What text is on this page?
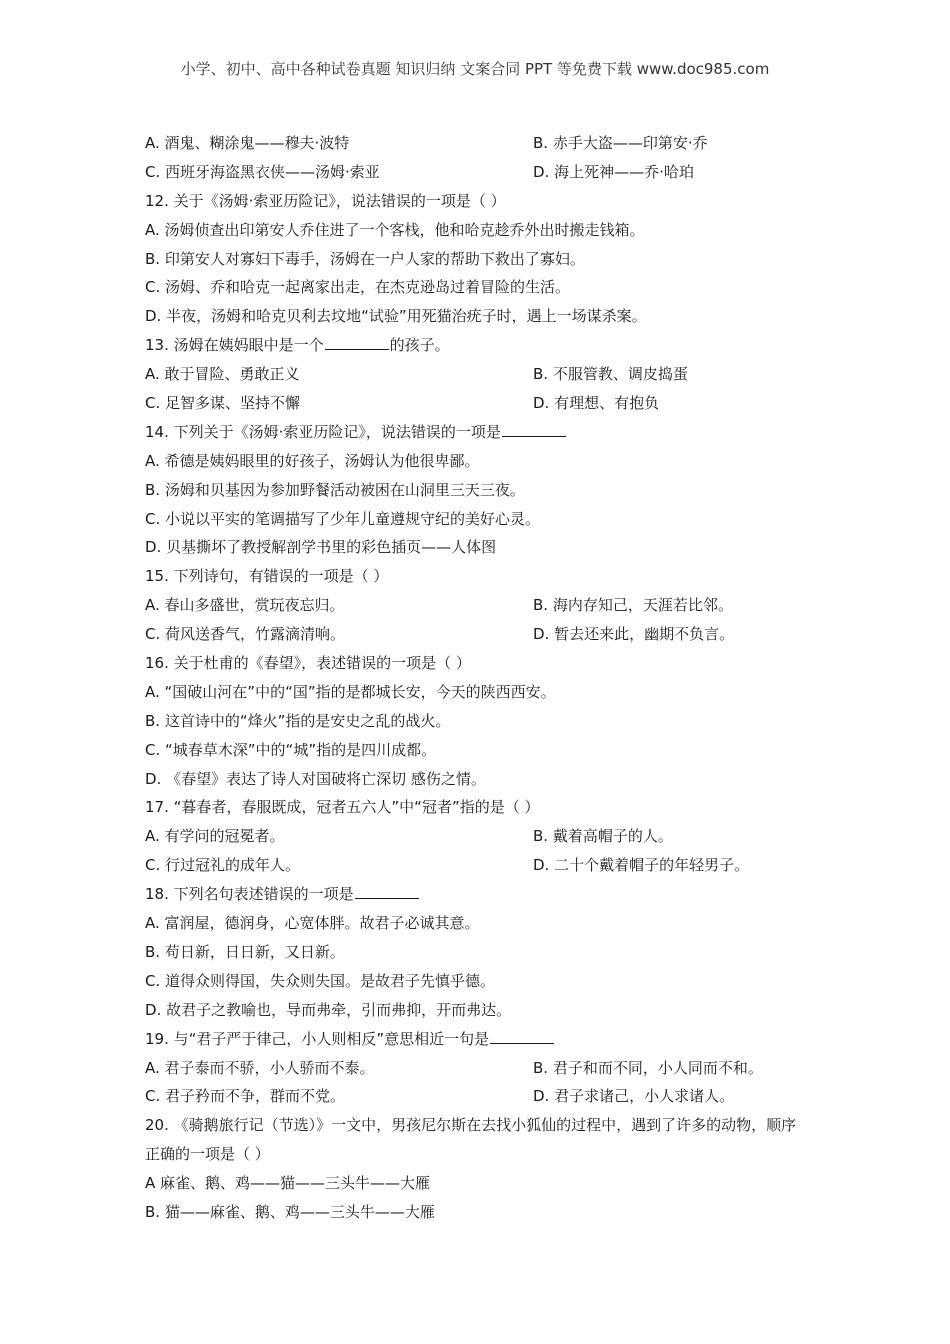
小学、初中、高中各种试卷真题 知识归纳 文案合同 PPT 等免费下载 www.doc985.com
A. 酒鬼、糊涂鬼——穆夫·波特	B. 赤手大盗——印第安·乔
C. 西班牙海盗黑衣侠——汤姆·索亚	D. 海上死神——乔·哈珀
12. 关于《汤姆·索亚历险记》，说法错误的一项是（ ）
A. 汤姆侦查出印第安人乔住进了一个客栈，他和哈克趁乔外出时搬走钱箱。
B. 印第安人对寡妇下毒手，汤姆在一户人家的帮助下救出了寡妇。
C. 汤姆、乔和哈克一起离家出走，在杰克逊岛过着冒险的生活。
D. 半夜，汤姆和哈克贝利去坟地“试验”用死猫治疣子时，遇上一场谋杀案。
13. 汤姆在姨妈眼中是一个	的孩子。
A. 敢于冒险、勇敢正义	B. 不服管教、调皮捣蛋
C. 足智多谋、坚持不懈	D. 有理想、有抱负
14. 下列关于《汤姆·索亚历险记》，说法错误的一项是
A. 希德是姨妈眼里的好孩子，汤姆认为他很卑鄙。
B. 汤姆和贝基因为参加野餐活动被困在山洞里三天三夜。
C. 小说以平实的笔调描写了少年儿童遵规守纪的美好心灵。
D. 贝基撕坏了教授解剖学书里的彩色插页——人体图
15. 下列诗句，有错误的一项是（ ）
A. 春山多盛世，赏玩夜忘归。	B. 海内存知己，天涯若比邻。
C. 荷风送香气，竹露滴清响。	D. 暂去还来此，幽期不负言。
16. 关于杜甫的《春望》，表述错误的一项是（ ）
A. “国破山河在”中的“国”指的是都城长安，今天的陕西西安。
B. 这首诗中的“烽火”指的是安史之乱的战火。
C. “城春草木深”中的“城”指的是四川成都。
D. 《春望》表达了诗人对国破将亡深切 感伤之情。
17. “暮春者，春服既成，冠者五六人”中“冠者”指的是（ ）
A. 有学问的冠冕者。	B. 戴着高帽子的人。
C. 行过冠礼的成年人。	D. 二十个戴着帽子的年轻男子。
18. 下列名句表述错误的一项是
A. 富润屋，德润身，心宽体胖。故君子必诚其意。
B. 苟日新，日日新，又日新。
C. 道得众则得国，失众则失国。是故君子先慎乎德。
D. 故君子之教喻也，导而弗牵，引而弗抑，开而弗达。
19. 与“君子严于律己，小人则相反”意思相近一句是
A. 君子泰而不骄，小人骄而不泰。	B. 君子和而不同，小人同而不和。
C. 君子矜而不争，群而不党。	D. 君子求诸己，小人求诸人。
20. 《骑鹅旅行记（节选）》一文中，男孩尼尔斯在去找小狐仙的过程中，遇到了许多的动物，顺序正确的一项是（ ）
A 麻雀、鹅、鸡——猫——三头牛——大雁
B. 猫——麻雀、鹅、鸡——三头牛——大雁
